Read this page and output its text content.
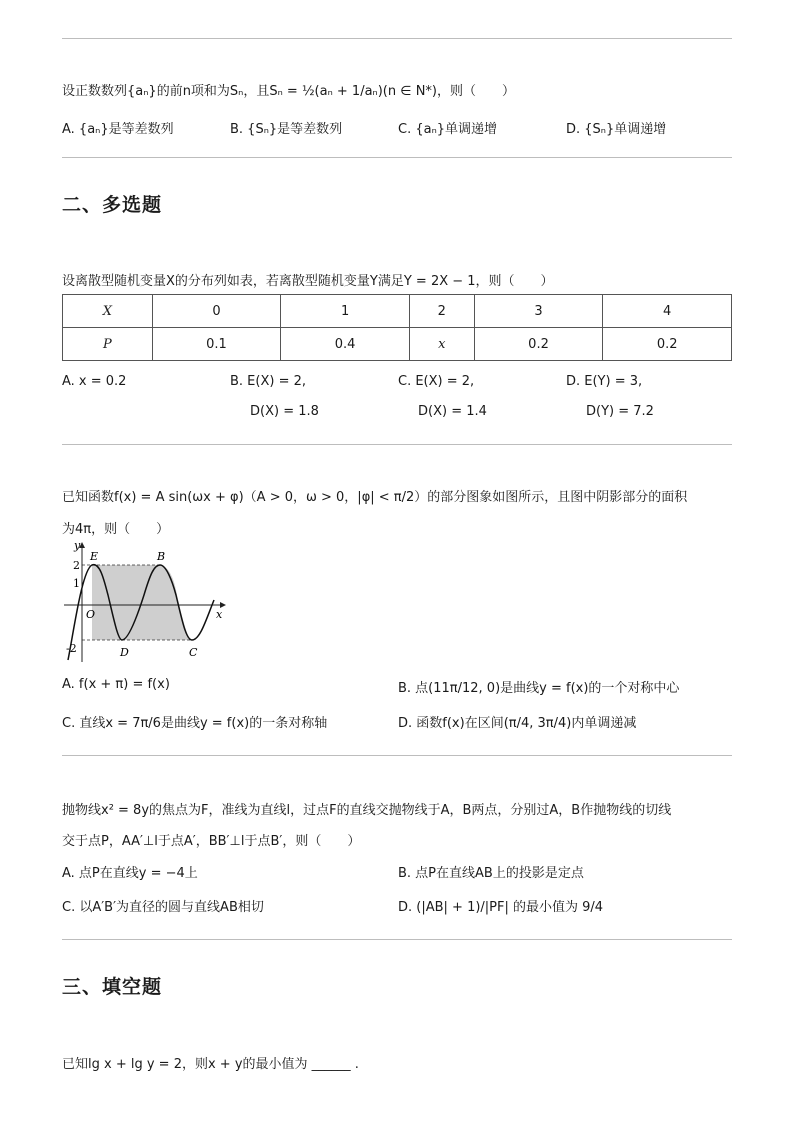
设正数数列{aₙ}的前n项和为Sₙ，且Sₙ = ½(aₙ + 1/aₙ)(n ∈ N*)，则（　　）
A. {aₙ}是等差数列	B. {Sₙ}是等差数列	C. {aₙ}单调递增	D. {Sₙ}单调递增
二、多选题
设离散型随机变量X的分布列如表，若离散型随机变量Y满足Y = 2X − 1，则（　　）
X	0	1	2	3	4
P	0.1	0.4	x	0.2	0.2
A. x = 0.2	B. E(X) = 2,
D(X) = 1.8
C. E(X) = 2,
D(X) = 1.4
D. E(Y) = 3,
D(Y) = 7.2
已知函数f(x) = A sin(ωx + φ)（A > 0，ω > 0，|φ| < π/2）的部分图象如图所示，且图中阴影部分的面积
为4π，则（　　）
y
x
O
E	B
D	C
2
1
-2
A. f(x + π) = f(x)	B. 点(11π/12, 0)是曲线y = f(x)的一个对称中心
C. 直线x = 7π/6是曲线y = f(x)的一条对称轴	D. 函数f(x)在区间(π/4, 3π/4)内单调递减
抛物线x² = 8y的焦点为F，准线为直线l，过点F的直线交抛物线于A，B两点，分别过A，B作抛物线的切线
交于点P，AA′⊥l于点A′，BB′⊥l于点B′，则（　　）
A. 点P在直线y = −4上	B. 点P在直线AB上的投影是定点
C. 以A′B′为直径的圆与直线AB相切	D. (|AB| + 1)/|PF| 的最小值为 9/4
三、填空题
已知lg x + lg y = 2，则x + y的最小值为 ______ .
